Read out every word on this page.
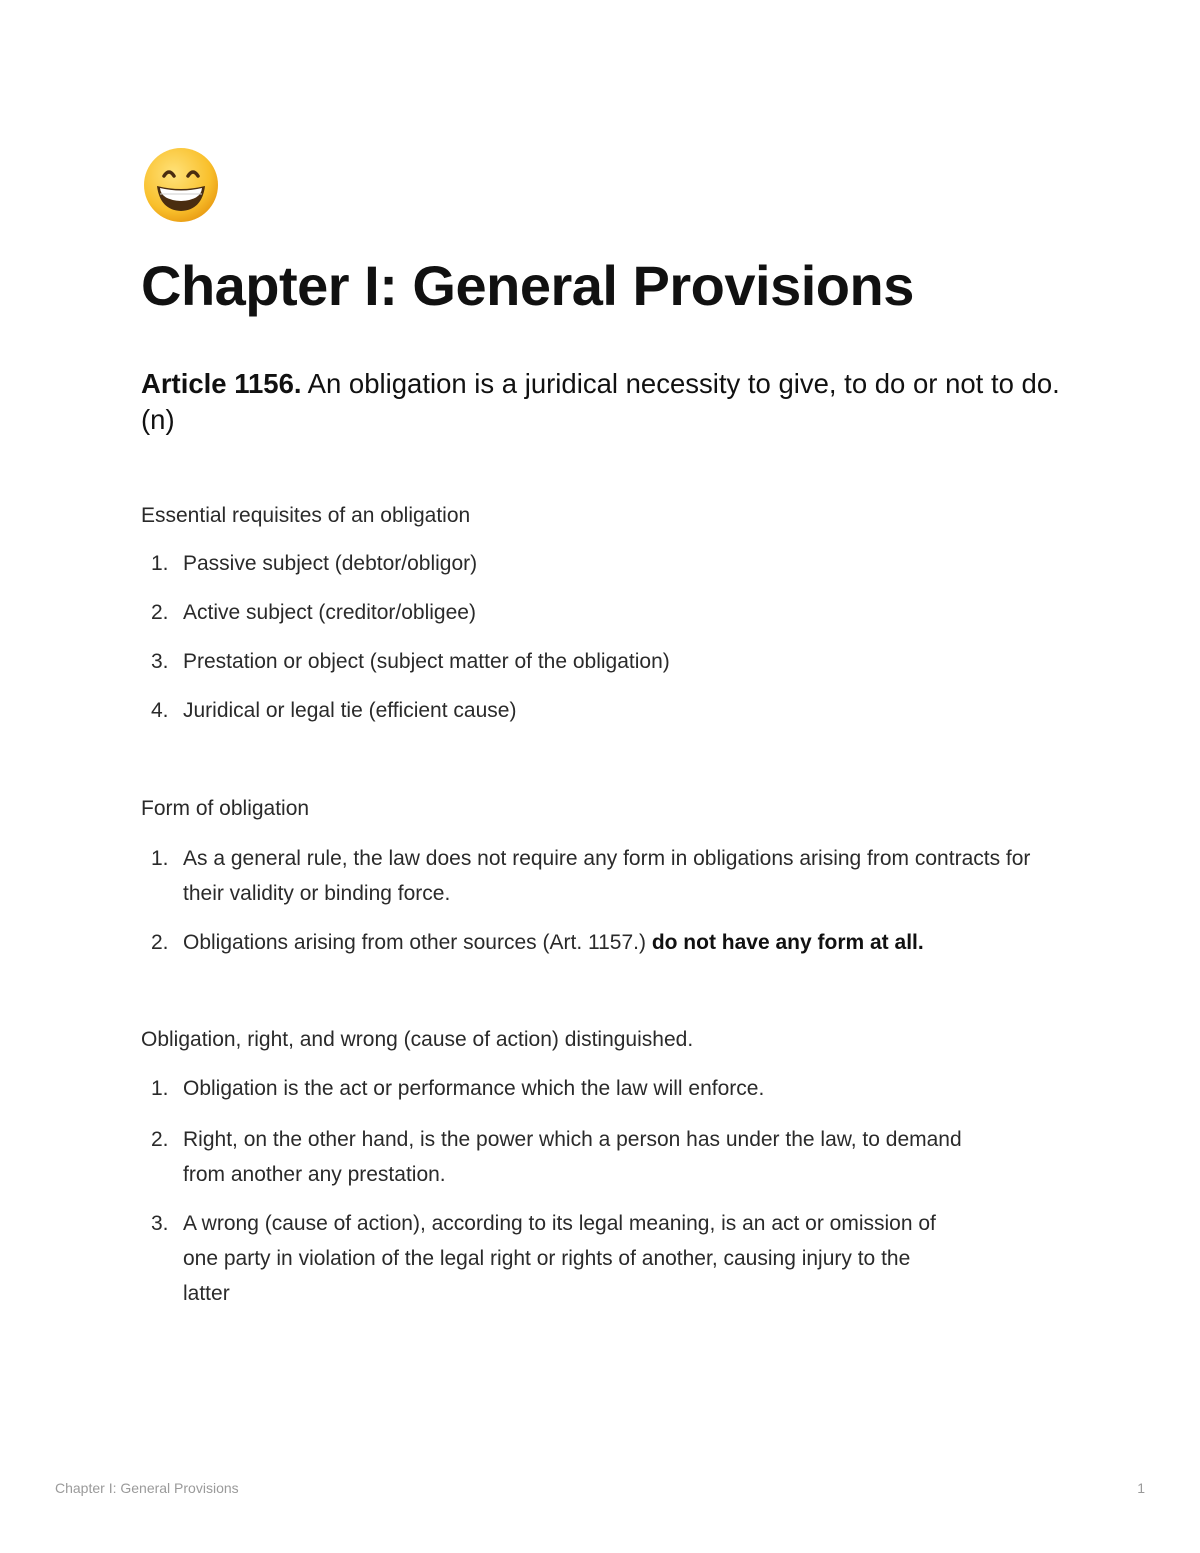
Chapter I: General Provisions

Article 1156. An obligation is a juridical necessity to give, to do or not to do. (n)

Essential requisites of an obligation

1. Passive subject (debtor/obligor)
2. Active subject (creditor/obligee)
3. Prestation or object (subject matter of the obligation)
4. Juridical or legal tie (efficient cause)

Form of obligation

1. As a general rule, the law does not require any form in obligations arising from contracts for their validity or binding force.
2. Obligations arising from other sources (Art. 1157.) do not have any form at all.

Obligation, right, and wrong (cause of action) distinguished.

1. Obligation is the act or performance which the law will enforce.
2. Right, on the other hand, is the power which a person has under the law, to demand from another any prestation.
3. A wrong (cause of action), according to its legal meaning, is an act or omission of one party in violation of the legal right or rights of another, causing injury to the latter
Chapter I: General Provisions	1
